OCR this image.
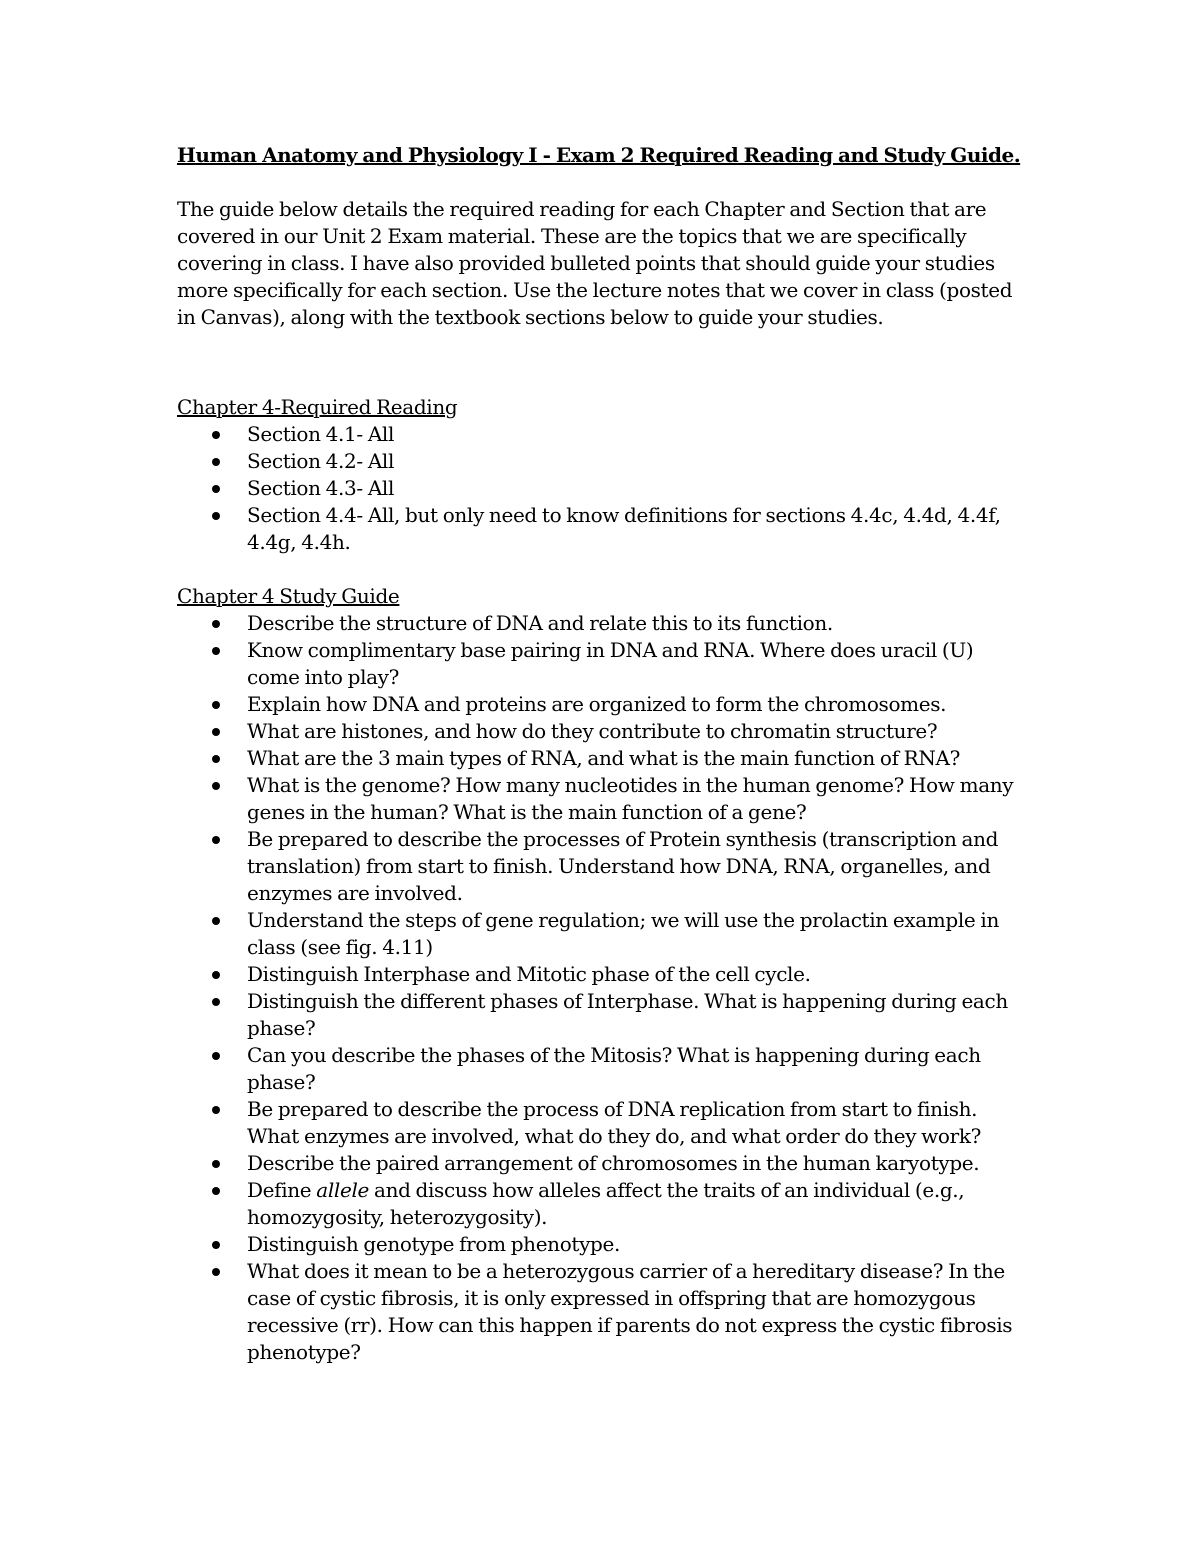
Human Anatomy and Physiology I - Exam 2 Required Reading and Study Guide.

The guide below details the required reading for each Chapter and Section that are covered in our Unit 2 Exam material. These are the topics that we are specifically covering in class. I have also provided bulleted points that should guide your studies more specifically for each section. Use the lecture notes that we cover in class (posted in Canvas), along with the textbook sections below to guide your studies.

Chapter 4-Required Reading

Section 4.1- All
Section 4.2- All
Section 4.3- All
Section 4.4- All, but only need to know definitions for sections 4.4c, 4.4d, 4.4f, 4.4g, 4.4h.

Chapter 4 Study Guide

Describe the structure of DNA and relate this to its function.
Know complimentary base pairing in DNA and RNA. Where does uracil (U) come into play?
Explain how DNA and proteins are organized to form the chromosomes.
What are histones, and how do they contribute to chromatin structure?
What are the 3 main types of RNA, and what is the main function of RNA?
What is the genome? How many nucleotides in the human genome? How many genes in the human? What is the main function of a gene?
Be prepared to describe the processes of Protein synthesis (transcription and translation) from start to finish. Understand how DNA, RNA, organelles, and enzymes are involved.
Understand the steps of gene regulation; we will use the prolactin example in class (see fig. 4.11)
Distinguish Interphase and Mitotic phase of the cell cycle.
Distinguish the different phases of Interphase. What is happening during each phase?
Can you describe the phases of the Mitosis? What is happening during each phase?
Be prepared to describe the process of DNA replication from start to finish. What enzymes are involved, what do they do, and what order do they work?
Describe the paired arrangement of chromosomes in the human karyotype.
Define allele and discuss how alleles affect the traits of an individual (e.g., homozygosity, heterozygosity).
Distinguish genotype from phenotype.
What does it mean to be a heterozygous carrier of a hereditary disease? In the case of cystic fibrosis, it is only expressed in offspring that are homozygous recessive (rr). How can this happen if parents do not express the cystic fibrosis phenotype?
